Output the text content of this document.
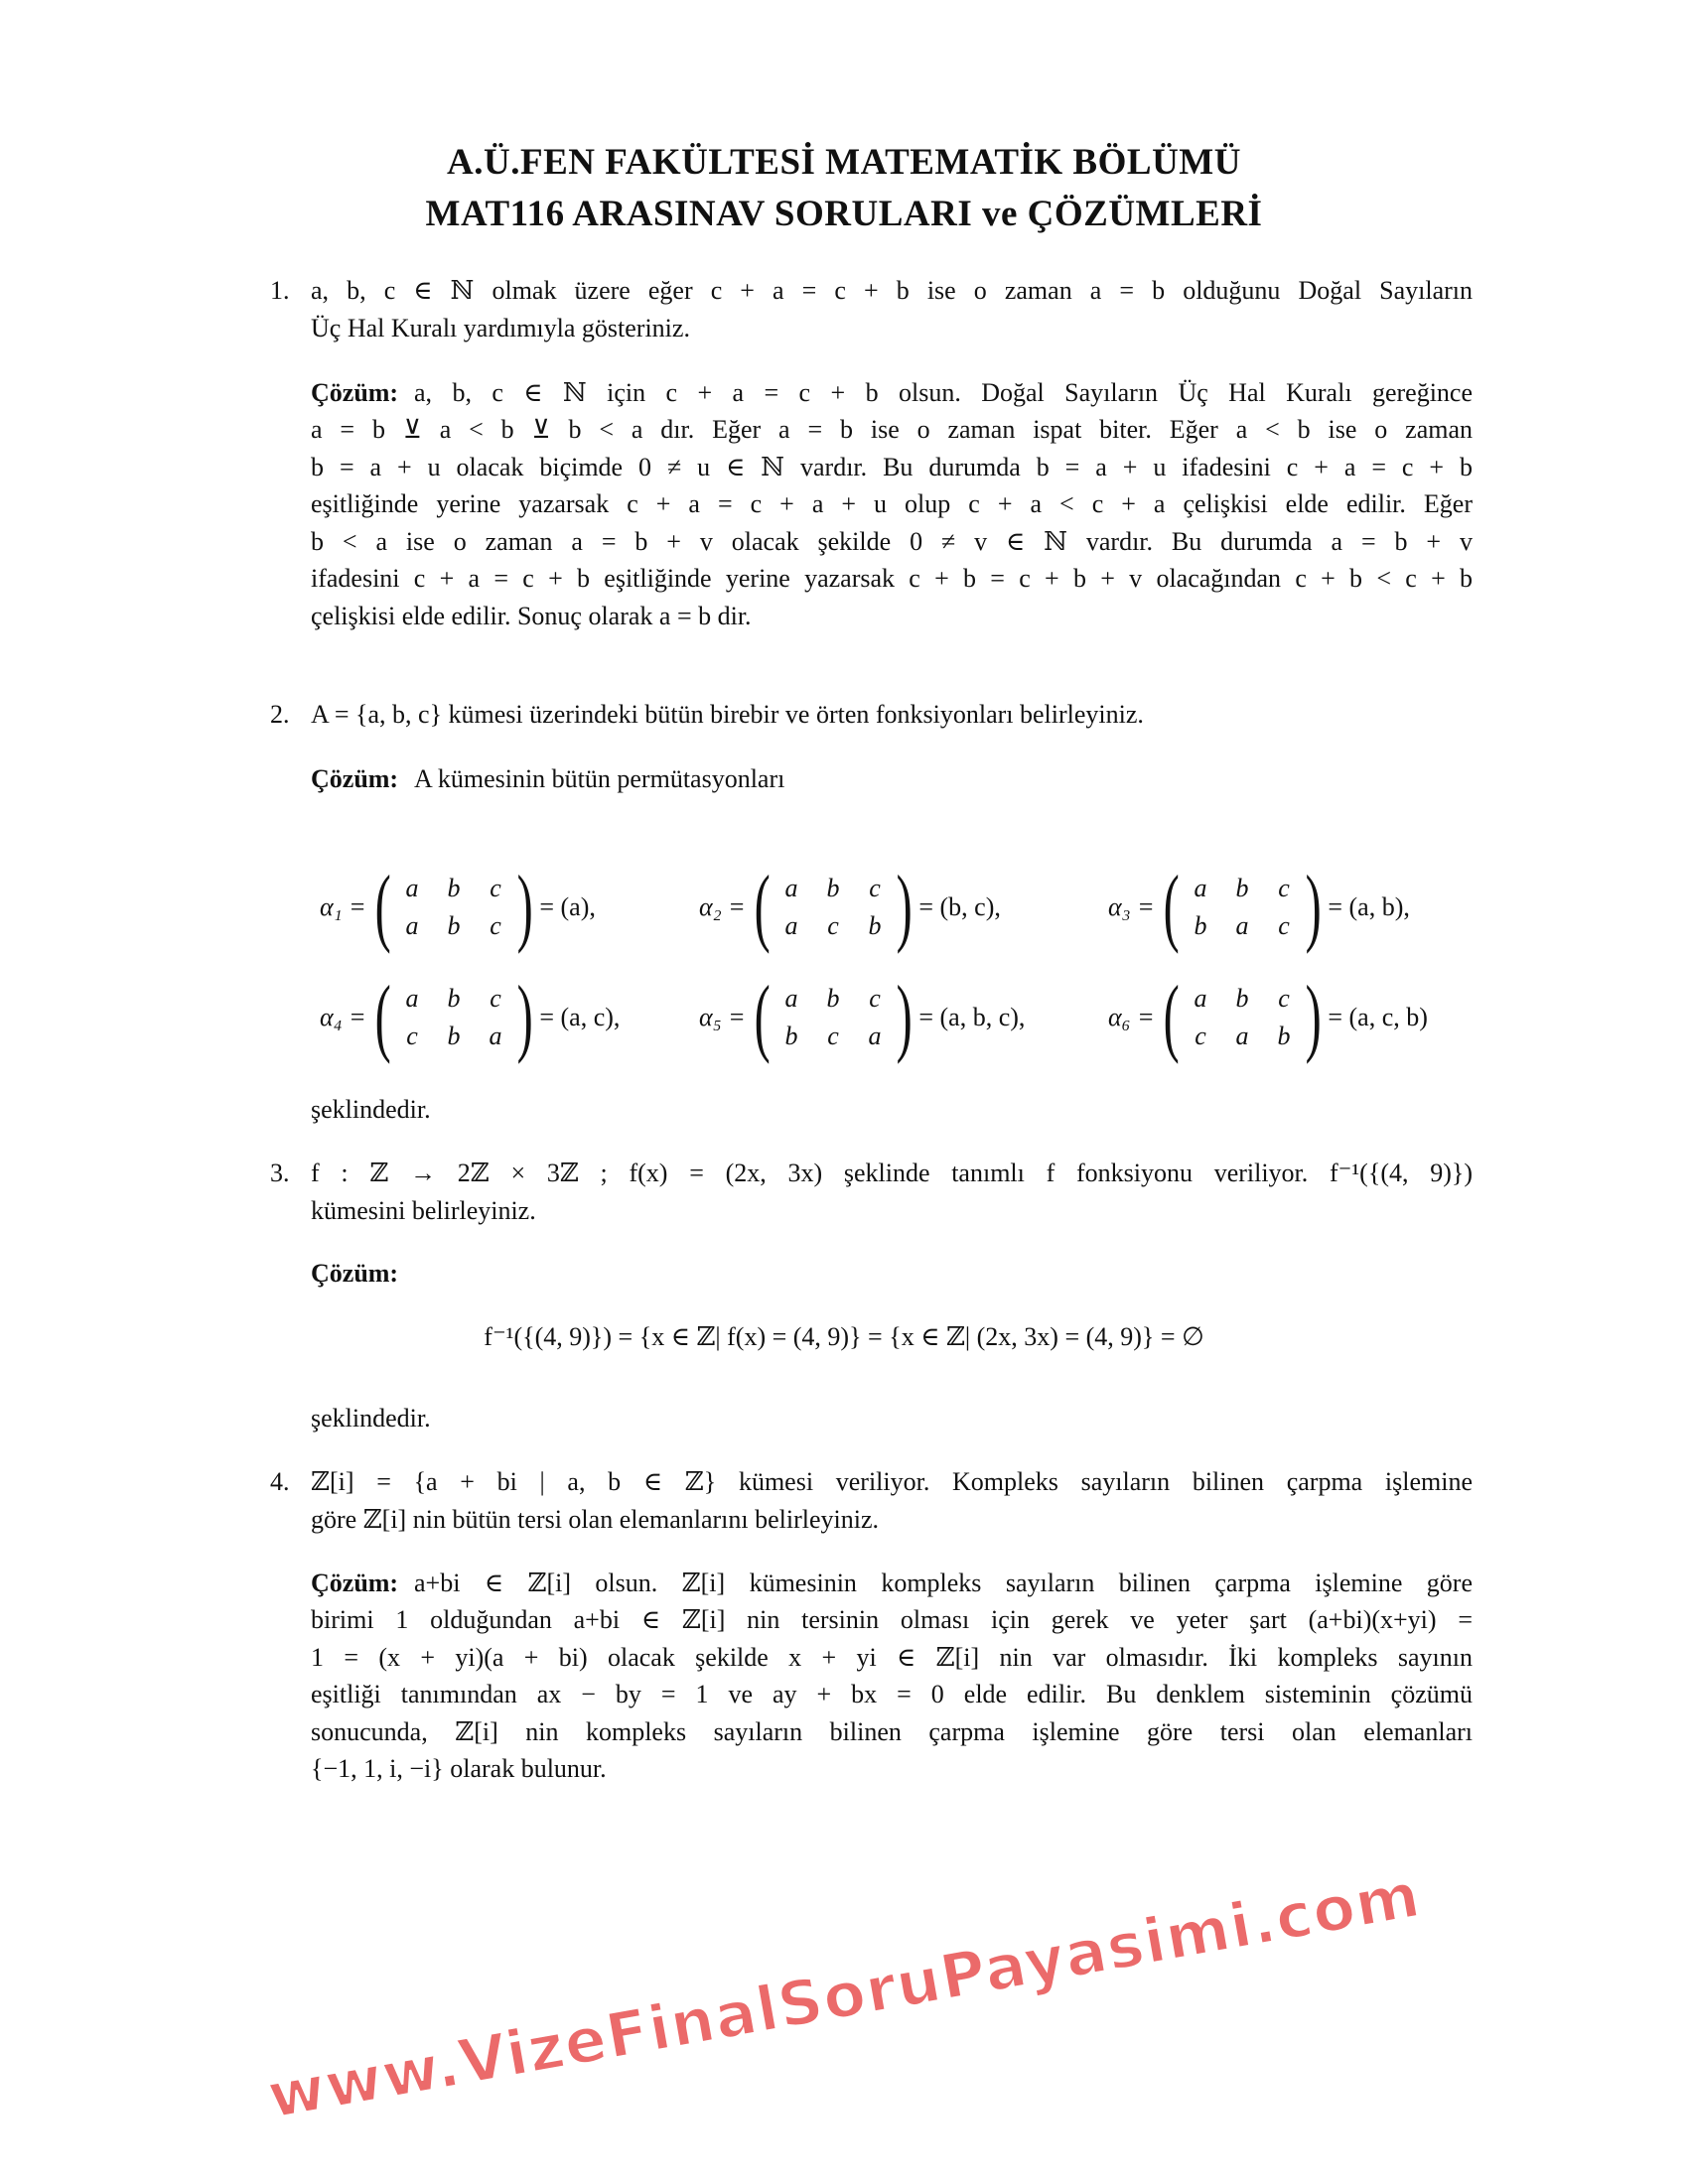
A.Ü.FEN FAKÜLTESİ MATEMATİK BÖLÜMÜ
MAT116 ARASINAV SORULARI ve ÇÖZÜMLERİ
1. a, b, c ∈ ℕ olmak üzere eğer c + a = c + b ise o zaman a = b olduğunu Doğal Sayıların
Üç Hal Kuralı yardımıyla gösteriniz.
Çözüm: a, b, c ∈ ℕ için c + a = c + b olsun. Doğal Sayıların Üç Hal Kuralı gereğince
a = b ⊻ a < b ⊻ b < a dır. Eğer a = b ise o zaman ispat biter. Eğer a < b ise o zaman
b = a + u olacak biçimde 0 ≠ u ∈ ℕ vardır. Bu durumda b = a + u ifadesini c + a = c + b
eşitliğinde yerine yazarsak c + a = c + a + u olup c + a < c + a çelişkisi elde edilir. Eğer
b < a ise o zaman a = b + v olacak şekilde 0 ≠ v ∈ ℕ vardır. Bu durumda a = b + v
ifadesini c + a = c + b eşitliğinde yerine yazarsak c + b = c + b + v olacağından c + b < c + b
çelişkisi elde edilir. Sonuç olarak a = b dir.
2. A = {a, b, c} kümesi üzerindeki bütün birebir ve örten fonksiyonları belirleyiniz.
Çözüm: A kümesinin bütün permütasyonları
α₁ = ( a	b	c
a	b	c ) = (a),	α₂ = ( a	b	c
a	c	b ) = (b, c),	α₃ = ( a	b	c
b	a	c ) = (a, b),
α₄ = ( a	b	c
c	b	a ) = (a, c),	α₅ = ( a	b	c
b	c	a ) = (a, b, c),	α₆ = ( a	b	c
c	a	b ) = (a, c, b)
şeklindedir.
3. f : ℤ → 2ℤ × 3ℤ ; f(x) = (2x, 3x) şeklinde tanımlı f fonksiyonu veriliyor. f⁻¹({(4, 9)})
kümesini belirleyiniz.
Çözüm:
f⁻¹({(4, 9)}) = {x ∈ ℤ| f(x) = (4, 9)} = {x ∈ ℤ| (2x, 3x) = (4, 9)} = ∅
şeklindedir.
4. ℤ[i] = {a + bi | a, b ∈ ℤ} kümesi veriliyor. Kompleks sayıların bilinen çarpma işlemine
göre ℤ[i] nin bütün tersi olan elemanlarını belirleyiniz.
Çözüm: a+bi ∈ ℤ[i] olsun. ℤ[i] kümesinin kompleks sayıların bilinen çarpma işlemine göre
birimi 1 olduğundan a+bi ∈ ℤ[i] nin tersinin olması için gerek ve yeter şart (a+bi)(x+yi) =
1 = (x + yi)(a + bi) olacak şekilde x + yi ∈ ℤ[i] nin var olmasıdır. İki kompleks sayının
eşitliği tanımından ax − by = 1 ve ay + bx = 0 elde edilir. Bu denklem sisteminin çözümü
sonucunda, ℤ[i] nin kompleks sayıların bilinen çarpma işlemine göre tersi olan elemanları
{−1, 1, i, −i} olarak bulunur.
www.VizeFinalSoruPayasimi.com
